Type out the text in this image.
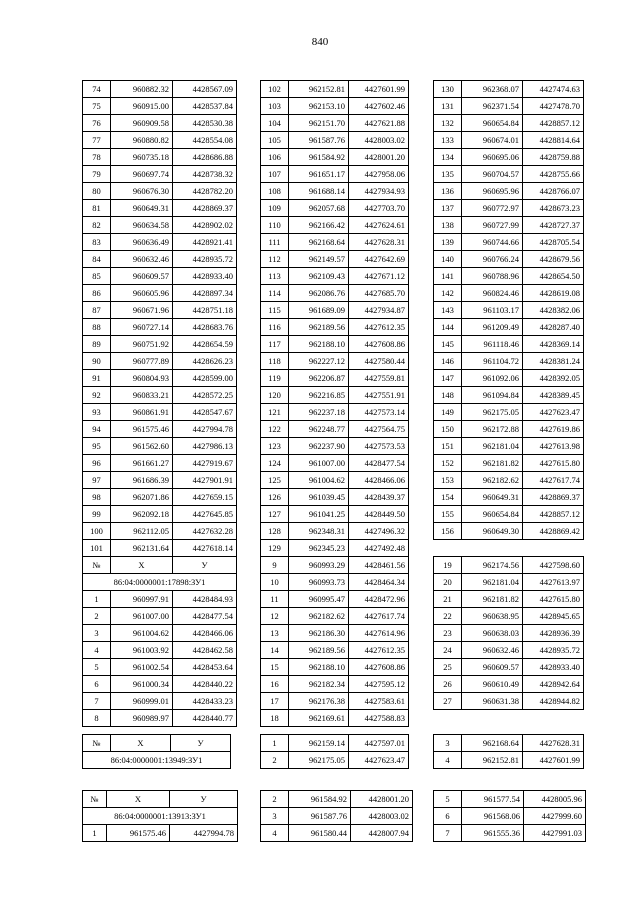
840
74	960882.32	4428567.09
75	960915.00	4428537.84
76	960909.58	4428530.38
77	960880.82	4428554.08
78	960735.18	4428686.88
79	960697.74	4428738.32
80	960676.30	4428782.20
81	960649.31	4428869.37
82	960634.58	4428902.02
83	960636.49	4428921.41
84	960632.46	4428935.72
85	960609.57	4428933.40
86	960605.96	4428897.34
87	960671.96	4428751.18
88	960727.14	4428683.76
89	960751.92	4428654.59
90	960777.89	4428626.23
91	960804.93	4428599.00
92	960833.21	4428572.25
93	960861.91	4428547.67
94	961575.46	4427994.78
95	961562.60	4427986.13
96	961661.27	4427919.67
97	961686.39	4427901.91
98	962071.86	4427659.15
99	962092.18	4427645.85
100	962112.05	4427632.28
101	962131.64	4427618.14
102	962152.81	4427601.99
103	962153.10	4427602.46
104	962151.70	4427621.88
105	961587.76	4428003.02
106	961584.92	4428001.20
107	961651.17	4427958.06
108	961688.14	4427934.93
109	962057.68	4427703.70
110	962166.42	4427624.61
111	962168.64	4427628.31
112	962149.57	4427642.69
113	962109.43	4427671.12
114	962086.76	4427685.70
115	961689.09	4427934.87
116	962189.56	4427612.35
117	962188.10	4427608.86
118	962227.12	4427580.44
119	962206.87	4427559.81
120	962216.85	4427551.91
121	962237.18	4427573.14
122	962248.77	4427564.75
123	962237.90	4427573.53
124	961007.00	4428477.54
125	961004.62	4428466.06
126	961039.45	4428439.37
127	961041.25	4428449.50
128	962348.31	4427496.32
129	962345.23	4427492.48
130	962368.07	4427474.63
131	962371.54	4427478.70
132	960654.84	4428857.12
133	960674.01	4428814.64
134	960695.06	4428759.88
135	960704.57	4428755.66
136	960695.96	4428766.07
137	960772.97	4428673.23
138	960727.99	4428727.37
139	960744.66	4428705.54
140	960766.24	4428679.56
141	960788.96	4428654.50
142	960824.46	4428619.08
143	961103.17	4428382.06
144	961209.49	4428287.40
145	961118.46	4428369.14
146	961104.72	4428381.24
147	961092.06	4428392.05
148	961094.84	4428389.45
149	962175.05	4427623.47
150	962172.88	4427619.86
151	962181.04	4427613.98
152	962181.82	4427615.80
153	962182.62	4427617.74
154	960649.31	4428869.37
155	960654.84	4428857.12
156	960649.30	4428869.42
№	X	У
86:04:0000001:17898:ЗУ1		
1	960997.91	4428484.93
2	961007.00	4428477.54
3	961004.62	4428466.06
4	961003.92	4428462.58
5	961002.54	4428453.64
6	961000.34	4428440.22
7	960999.01	4428433.23
8	960989.97	4428440.77
9	960993.29	4428461.56
10	960993.73	4428464.34
11	960995.47	4428472.96
12	962182.62	4427617.74
13	962186.30	4427614.96
14	962189.56	4427612.35
15	962188.10	4427608.86
16	962182.34	4427595.12
17	962176.38	4427583.61
18	962169.61	4427588.83
19	962174.56	4427598.60
20	962181.04	4427613.97
21	962181.82	4427615.80
22	960638.95	4428945.65
23	960638.03	4428936.39
24	960632.46	4428935.72
25	960609.57	4428933.40
26	960610.49	4428942.64
27	960631.38	4428944.82
№	X	У
86:04:0000001:13949:ЗУ1
1	962159.14	4427597.01
2	962175.05	4427623.47
3	962168.64	4427628.31
4	962152.81	4427601.99
№	X	У
86:04:0000001:13913:ЗУ1		
1	961575.46	4427994.78
2	961584.92	4428001.20
3	961587.76	4428003.02
4	961580.44	4428007.94
5	961577.54	4428005.96
6	961568.06	4427999.60
7	961555.36	4427991.03
